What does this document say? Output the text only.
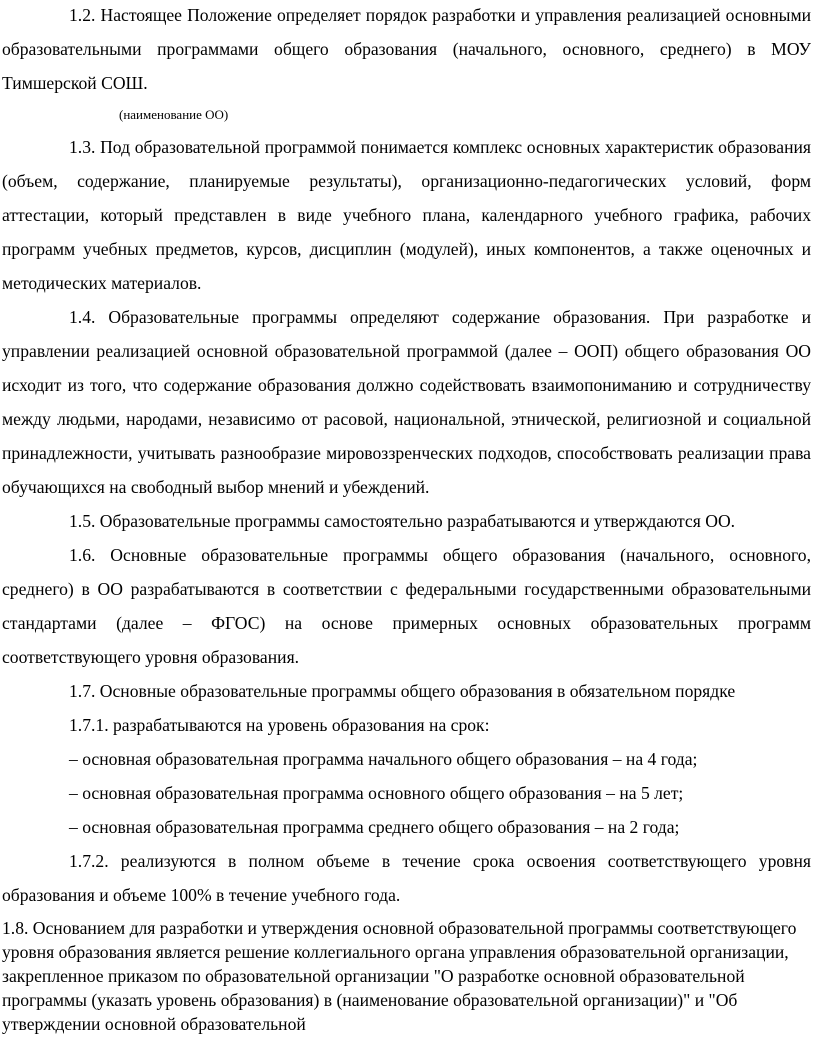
1.2. Настоящее Положение определяет порядок разработки и управления реализацией основными образовательными программами общего образования (начального, основного, среднего) в МОУ Тимшерской СОШ.

(наименование ОО)

1.3. Под образовательной программой понимается комплекс основных характеристик образования (объем, содержание, планируемые результаты), организационно-педагогических условий, форм аттестации, который представлен в виде учебного плана, календарного учебного графика, рабочих программ учебных предметов, курсов, дисциплин (модулей), иных компонентов, а также оценочных и методических материалов.

1.4. Образовательные программы определяют содержание образования. При разработке и управлении реализацией основной образовательной программой (далее – ООП) общего образования ОО исходит из того, что содержание образования должно содействовать взаимопониманию и сотрудничеству между людьми, народами, независимо от расовой, национальной, этнической, религиозной и социальной принадлежности, учитывать разнообразие мировоззренческих подходов, способствовать реализации права обучающихся на свободный выбор мнений и убеждений.

1.5. Образовательные программы самостоятельно разрабатываются и утверждаются ОО.

1.6. Основные образовательные программы общего образования (начального, основного, среднего) в ОО разрабатываются в соответствии с федеральными государственными образовательными стандартами (далее – ФГОС) на основе примерных основных образовательных программ соответствующего уровня образования.

1.7. Основные образовательные программы общего образования в обязательном порядке

1.7.1. разрабатываются на уровень образования на срок:

– основная образовательная программа начального общего образования – на 4 года;

– основная образовательная программа основного общего образования – на 5 лет;

– основная образовательная программа среднего общего образования – на 2 года;

1.7.2. реализуются в полном объеме в течение срока освоения соответствующего уровня образования и объеме 100% в течение учебного года.

1.8. Основанием для разработки и утверждения основной образовательной программы соответствующего уровня образования является решение коллегиального органа управления образовательной организации, закрепленное приказом по образовательной организации "О разработке основной образовательной программы (указать уровень образования) в (наименование образовательной организации)" и "Об утверждении основной образовательной
